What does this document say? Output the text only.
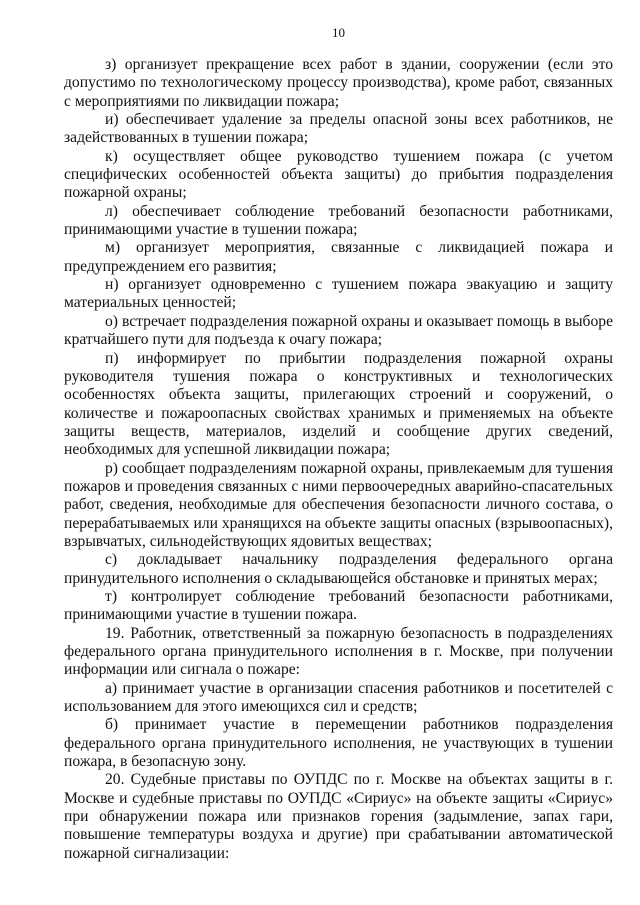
10

з) организует прекращение всех работ в здании, сооружении (если это допустимо по технологическому процессу производства), кроме работ, связанных с мероприятиями по ликвидации пожара;

и) обеспечивает удаление за пределы опасной зоны всех работников, не задействованных в тушении пожара;

к) осуществляет общее руководство тушением пожара (с учетом специфических особенностей объекта защиты) до прибытия подразделения пожарной охраны;

л) обеспечивает соблюдение требований безопасности работниками, принимающими участие в тушении пожара;

м) организует мероприятия, связанные с ликвидацией пожара и предупреждением его развития;

н) организует одновременно с тушением пожара эвакуацию и защиту материальных ценностей;

о) встречает подразделения пожарной охраны и оказывает помощь в выборе кратчайшего пути для подъезда к очагу пожара;

п) информирует по прибытии подразделения пожарной охраны руководителя тушения пожара о конструктивных и технологических особенностях объекта защиты, прилегающих строений и сооружений, о количестве и пожароопасных свойствах хранимых и применяемых на объекте защиты веществ, материалов, изделий и сообщение других сведений, необходимых для успешной ликвидации пожара;

р) сообщает подразделениям пожарной охраны, привлекаемым для тушения пожаров и проведения связанных с ними первоочередных аварийно-спасательных работ, сведения, необходимые для обеспечения безопасности личного состава, о перерабатываемых или хранящихся на объекте защиты опасных (взрывоопасных), взрывчатых, сильнодействующих ядовитых веществах;

с) докладывает начальнику подразделения федерального органа принудительного исполнения о складывающейся обстановке и принятых мерах;

т) контролирует соблюдение требований безопасности работниками, принимающими участие в тушении пожара.

19. Работник, ответственный за пожарную безопасность в подразделениях федерального органа принудительного исполнения в г. Москве, при получении информации или сигнала о пожаре:

а) принимает участие в организации спасения работников и посетителей с использованием для этого имеющихся сил и средств;

б) принимает участие в перемещении работников подразделения федерального органа принудительного исполнения, не участвующих в тушении пожара, в безопасную зону.

20. Судебные приставы по ОУПДС по г. Москве на объектах защиты в г. Москве и судебные приставы по ОУПДС «Сириус» на объекте защиты «Сириус» при обнаружении пожара или признаков горения (задымление, запах гари, повышение температуры воздуха и другие) при срабатывании автоматической пожарной сигнализации:
